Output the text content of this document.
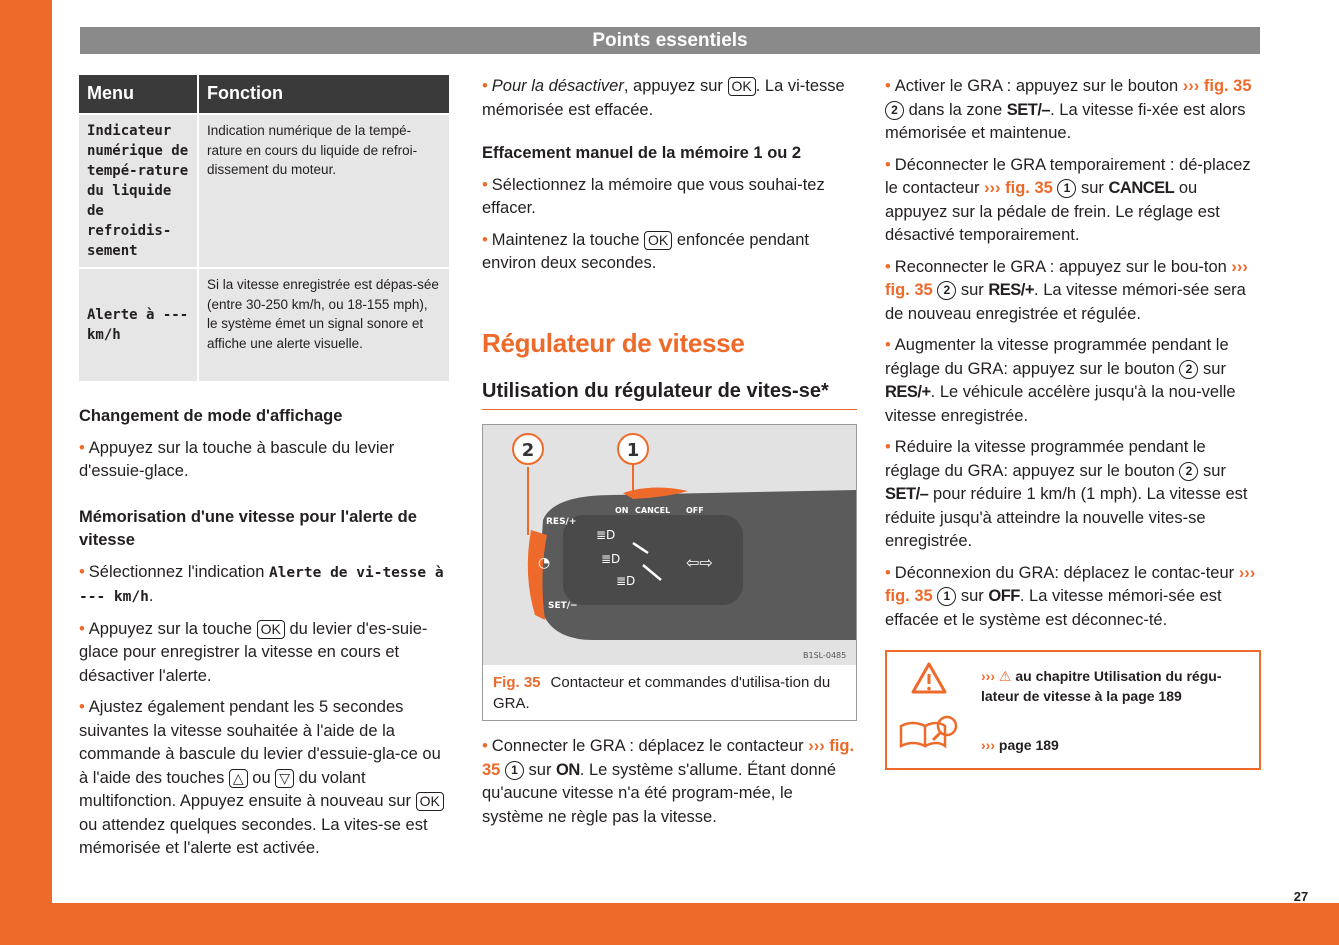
Points essentiels
Menu	Fonction
Indicateur numérique de tempé-rature du liquide de refroidis-sement	Indication numérique de la tempé-rature en cours du liquide de refroi-dissement du moteur.
Alerte à --- km/h	Si la vitesse enregistrée est dépas-sée (entre 30-250 km/h, ou 18-155 mph), le système émet un signal sonore et affiche une alerte visuelle.

Changement de mode d'affichage

• Appuyez sur la touche à bascule du levier d'essuie-glace.

Mémorisation d'une vitesse pour l'alerte de vitesse

• Sélectionnez l'indication Alerte de vi-tesse à --- km/h.

• Appuyez sur la touche OK du levier d'es-suie-glace pour enregistrer la vitesse en cours et désactiver l'alerte.

• Ajustez également pendant les 5 secondes suivantes la vitesse souhaitée à l'aide de la commande à bascule du levier d'essuie-gla-ce ou à l'aide des touches △ ou ▽ du volant multifonction. Appuyez ensuite à nouveau sur OK ou attendez quelques secondes. La vites-se est mémorisée et l'alerte est activée.

• Pour la désactiver, appuyez sur OK . La vi-tesse mémorisée est effacée.

Effacement manuel de la mémoire 1 ou 2

• Sélectionnez la mémoire que vous souhai-tez effacer.

• Maintenez la touche OK enfoncée pendant environ deux secondes.

Régulateur de vitesse
Utilisation du régulateur de vites-se*
≣D
≣D
≣D
⇦⇨
◔
RES/+
SET/−
ON CANCEL OFF
2	1
B1SL-0485
Fig. 35 Contacteur et commandes d'utilisa-tion du GRA.

• Connecter le GRA : déplacez le contacteur ››› fig. 35 1 sur ON. Le système s'allume. Étant donné qu'aucune vitesse n'a été program-mée, le système ne règle pas la vitesse.

• Activer le GRA : appuyez sur le bouton ››› fig. 35 2 dans la zone SET/–. La vitesse fi-xée est alors mémorisée et maintenue.

• Déconnecter le GRA temporairement : dé-placez le contacteur ››› fig. 35 1 sur CANCEL ou appuyez sur la pédale de frein. Le réglage est désactivé temporairement.

• Reconnecter le GRA : appuyez sur le bou-ton ››› fig. 35 2 sur RES/+. La vitesse mémori-sée sera de nouveau enregistrée et régulée.

• Augmenter la vitesse programmée pendant le réglage du GRA: appuyez sur le bouton 2 sur RES/+. Le véhicule accélère jusqu'à la nou-velle vitesse enregistrée.

• Réduire la vitesse programmée pendant le réglage du GRA: appuyez sur le bouton 2 sur SET/– pour réduire 1 km/h (1 mph). La vitesse est réduite jusqu'à atteindre la nouvelle vites-se enregistrée.

• Déconnexion du GRA: déplacez le contac-teur ››› fig. 35 1 sur OFF. La vitesse mémori-sée est effacée et le système est déconnec-té.

››› ⚠ au chapitre Utilisation du régu-lateur de vitesse à la page 189
››› page 189
27
